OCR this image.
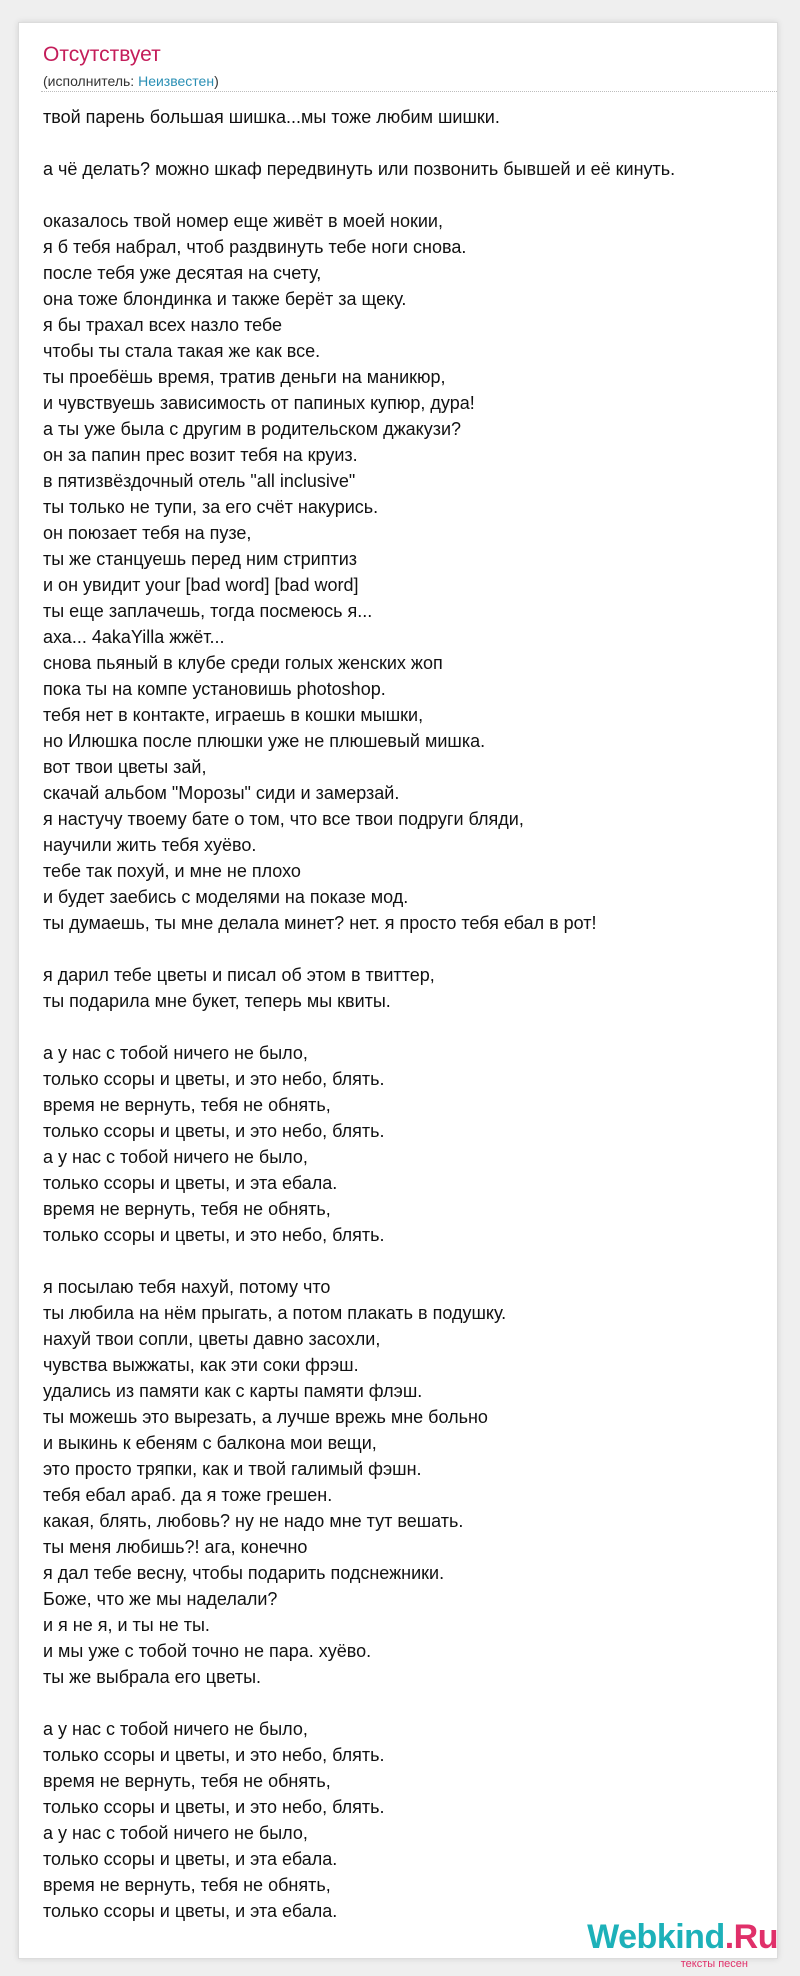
Отсутствует
(исполнитель: Неизвестен)
твой парень большая шишка...мы тоже любим шишки.
а чё делать? можно шкаф передвинуть или позвонить бывшей и её кинуть.
оказалось твой номер еще живёт в моей нокии,
я б тебя набрал, чтоб раздвинуть тебе ноги снова.
после тебя уже десятая на счету,
она тоже блондинка и также берёт за щеку.
я бы трахал всех назло тебе
чтобы ты стала такая же как все.
ты проебёшь время, тратив деньги на маникюр,
и чувствуешь зависимость от папиных купюр, дура!
а ты уже была с другим в родительском джакузи?
он за папин прес возит тебя на круиз.
в пятизвёздочный отель "all inclusive"
ты только не тупи, за его счёт накурись.
он поюзает тебя на пузе,
ты же станцуешь перед ним стриптиз
и он увидит your [bad word] [bad word]
ты еще заплачешь, тогда посмеюсь я...
аха... 4akaYilla жжёт...
снова пьяный в клубе среди голых женских жоп
пока ты на компе установишь photoshop.
тебя нет в контакте, играешь в кошки мышки,
но Илюшка после плюшки уже не плюшевый мишка.
вот твои цветы зай,
скачай альбом "Морозы" сиди и замерзай.
я настучу твоему бате о том, что все твои подруги бляди,
научили жить тебя хуёво.
тебе так похуй, и мне не плохо
и будет заебись с моделями на показе мод.
ты думаешь, ты мне делала минет? нет. я просто тебя ебал в рот!
я дарил тебе цветы и писал об этом в твиттер,
ты подарила мне букет, теперь мы квиты.
а у нас с тобой ничего не было,
только ссоры и цветы, и это небо, блять.
время не вернуть, тебя не обнять,
только ссоры и цветы, и это небо, блять.
а у нас с тобой ничего не было,
только ссоры и цветы, и эта ебала.
время не вернуть, тебя не обнять,
только ссоры и цветы, и это небо, блять.
я посылаю тебя нахуй, потому что
ты любила на нём прыгать, а потом плакать в подушку.
нахуй твои сопли, цветы давно засохли,
чувства выжжаты, как эти соки фрэш.
удались из памяти как с карты памяти флэш.
ты можешь это вырезать, а лучше врежь мне больно
и выкинь к ебеням с балкона мои вещи,
это просто тряпки, как и твой галимый фэшн.
тебя ебал араб. да я тоже грешен.
какая, блять, любовь? ну не надо мне тут вешать.
ты меня любишь?! ага, конечно
я дал тебе весну, чтобы подарить подснежники.
Боже, что же мы наделали?
и я не я, и ты не ты.
и мы уже с тобой точно не пара. хуёво.
ты же выбрала его цветы.
а у нас с тобой ничего не было,
только ссоры и цветы, и это небо, блять.
время не вернуть, тебя не обнять,
только ссоры и цветы, и это небо, блять.
а у нас с тобой ничего не было,
только ссоры и цветы, и эта ебала.
время не вернуть, тебя не обнять,
только ссоры и цветы, и эта ебала.
Webkind.Ru
тексты песен
